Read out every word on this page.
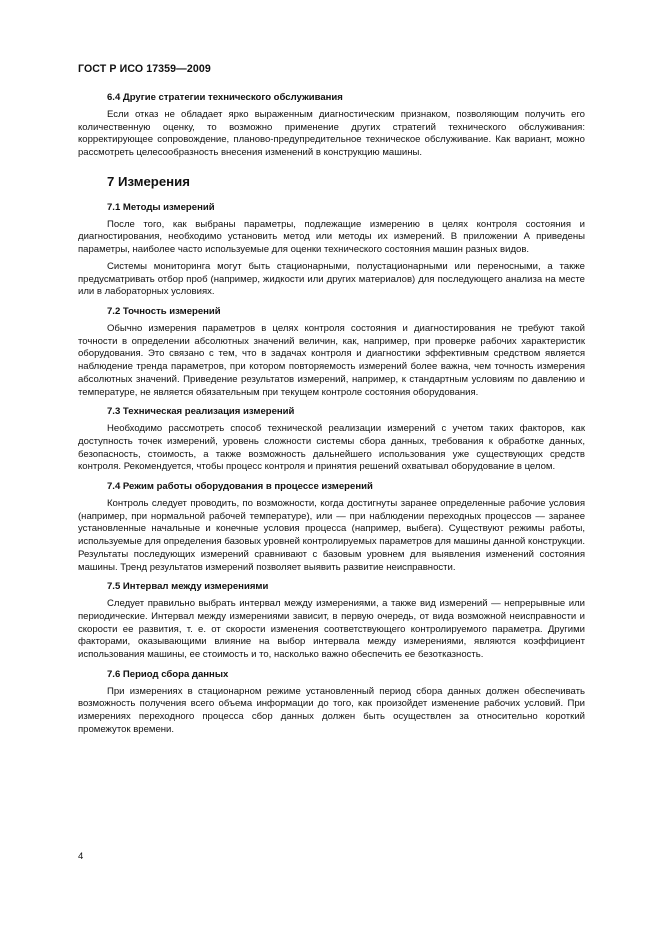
ГОСТ Р ИСО 17359—2009
6.4 Другие стратегии технического обслуживания

Если отказ не обладает ярко выраженным диагностическим признаком, позволяющим получить его количественную оценку, то возможно применение других стратегий технического обслуживания: корректирующее сопровождение, планово-предупредительное техническое обслуживание. Как вариант, можно рассмотреть целесообразность внесения изменений в конструкцию машины.

7 Измерения
7.1 Методы измерений

После того, как выбраны параметры, подлежащие измерению в целях контроля состояния и диагностирования, необходимо установить метод или методы их измерений. В приложении А приведены параметры, наиболее часто используемые для оценки технического состояния машин разных видов.

Системы мониторинга могут быть стационарными, полустационарными или переносными, а также предусматривать отбор проб (например, жидкости или других материалов) для последующего анализа на месте или в лабораторных условиях.

7.2 Точность измерений

Обычно измерения параметров в целях контроля состояния и диагностирования не требуют такой точности в определении абсолютных значений величин, как, например, при проверке рабочих характеристик оборудования. Это связано с тем, что в задачах контроля и диагностики эффективным средством является наблюдение тренда параметров, при котором повторяемость измерений более важна, чем точность измерения абсолютных значений. Приведение результатов измерений, например, к стандартным условиям по давлению и температуре, не является обязательным при текущем контроле состояния оборудования.

7.3 Техническая реализация измерений

Необходимо рассмотреть способ технической реализации измерений с учетом таких факторов, как доступность точек измерений, уровень сложности системы сбора данных, требования к обработке данных, безопасность, стоимость, а также возможность дальнейшего использования уже существующих средств контроля. Рекомендуется, чтобы процесс контроля и принятия решений охватывал оборудование в целом.

7.4 Режим работы оборудования в процессе измерений

Контроль следует проводить, по возможности, когда достигнуты заранее определенные рабочие условия (например, при нормальной рабочей температуре), или — при наблюдении переходных процессов — заранее установленные начальные и конечные условия процесса (например, выбега). Существуют режимы работы, используемые для определения базовых уровней контролируемых параметров для машины данной конструкции. Результаты последующих измерений сравнивают с базовым уровнем для выявления изменений состояния машины. Тренд результатов измерений позволяет выявить развитие неисправности.

7.5 Интервал между измерениями

Следует правильно выбрать интервал между измерениями, а также вид измерений — непрерывные или периодические. Интервал между измерениями зависит, в первую очередь, от вида возможной неисправности и скорости ее развития, т. е. от скорости изменения соответствующего контролируемого параметра. Другими факторами, оказывающими влияние на выбор интервала между измерениями, являются коэффициент использования машины, ее стоимость и то, насколько важно обеспечить ее безотказность.

7.6 Период сбора данных

При измерениях в стационарном режиме установленный период сбора данных должен обеспечивать возможность получения всего объема информации до того, как произойдет изменение рабочих условий. При измерениях переходного процесса сбор данных должен быть осуществлен за относительно короткий промежуток времени.

4
